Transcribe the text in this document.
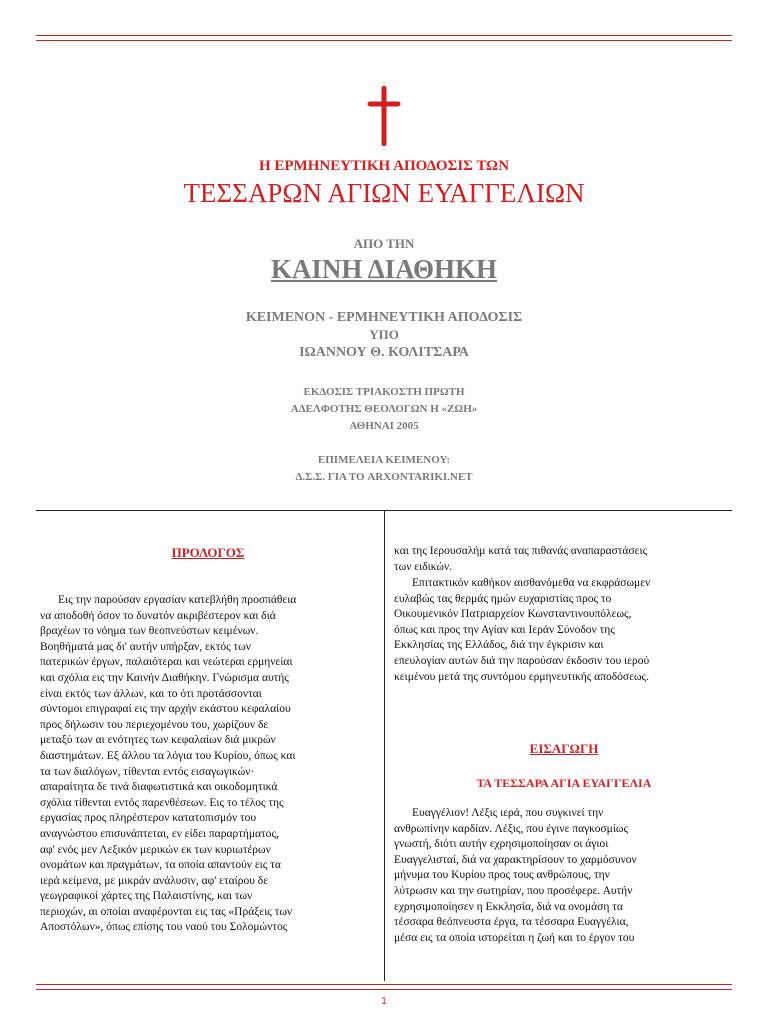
Η ΕΡΜΗΝΕΥΤΙΚΗ ΑΠΟΔΟΣΙΣ ΤΩΝ
ΤΕΣΣΑΡΩΝ ΑΓΙΩΝ ΕΥΑΓΓΕΛΙΩΝ
ΑΠΟ ΤΗΝ
ΚΑΙΝΗ ΔΙΑΘΗΚΗ
ΚΕΙΜΕΝΟΝ - ΕΡΜΗΝΕΥΤΙΚΗ ΑΠΟΔΟΣΙΣ
ΥΠΟ
ΙΩΑΝΝΟΥ Θ. ΚΟΛΙΤΣΑΡΑ
ΕΚΔΟΣΙΣ ΤΡΙΑΚΟΣΤΗ ΠΡΩΤΗ
ΑΔΕΛΦΟΤΗΣ ΘΕΟΛΟΓΩΝ Η «ΖΩΗ»
ΑΘΗΝΑΙ 2005
ΕΠΙΜΕΛΕΙΑ ΚΕΙΜΕΝΟΥ:
Δ.Σ.Σ. ΓΙΑ ΤΟ ARXONTARIKI.NET
ΠΡΟΛΟΓΟΣ
Εις την παρούσαν εργασίαν κατεβλήθη προσπάθεια
να αποδοθή όσον το δυνατόν ακριβέστερον και διά
βραχέων το νόημα των θεοπνεύστων κειμένων.
Βοηθήματά μας δι' αυτήν υπήρξαν, εκτός των
πατερικών έργων, παλαιότεραι και νεώτεραι ερμηνείαι
και σχόλια εις την Καινήν Διαθήκην. Γνώρισμα αυτής
είναι εκτός των άλλων, και το ότι προτάσσονται
σύντομοι επιγραφαί εις την αρχήν εκάστου κεφαλαίου
προς δήλωσιν του περιεχομένου του, χωρίζουν δε
μεταξύ των αι ενότητες των κεφαλαίων διά μικρών
διαστημάτων. Εξ άλλου τα λόγια του Κυρίου, όπως και
τα των διαλόγων, τίθενται εντός εισαγωγικών·
απαραίτητα δε τινά διαφωτιστικά και οικοδομητικά
σχόλια τίθενται εντός παρενθέσεων. Εις το τέλος της
εργασίας προς πληρέστερον κατατοπισμόν του
αναγνώστου επισυνάπτεται, εν είδει παραρτήματος,
αφ' ενός μεν Λεξικόν μερικών εκ των κυριωτέρων
ονομάτων και πραγμάτων, τα οποία απαντούν εις τα
ιερά κείμενα, με μικράν ανάλυσιν, αφ' εταίρου δε
γεωγραφικοί χάρτες της Παλαιστίνης, και των
περιοχών, αι οποίαι αναφέρονται εις τας «Πράξεις των
Αποστόλων», όπως επίσης του ναού του Σολομώντος
και της Ιερουσαλήμ κατά τας πιθανάς αναπαραστάσεις
των ειδικών.
Επιτακτικόν καθήκον αισθανόμεθα να εκφράσωμεν
ευλαβώς τας θερμάς ημών ευχαριστίας προς το
Οικουμενικόν Πατριαρχείον Κωνσταντινουπόλεως,
όπως και προς την Αγίαν και Ιεράν Σύνοδον της
Εκκλησίας της Ελλάδος, διά την έγκρισιν και
επευλογίαν αυτών διά την παρούσαν έκδοσιν του ιερού
κειμένου μετά της συντόμου ερμηνευτικής αποδόσεως.
ΕΙΣΑΓΩΓΗ
ΤΑ ΤΕΣΣΑΡΑ ΑΓΙΑ ΕΥΑΓΓΕΛΙΑ
Ευαγγέλιον! Λέξις ιερά, που συγκινεί την
ανθρωπίνην καρδίαν. Λέξις, που έγινε παγκοσμίως
γνωστή, διότι αυτήν εχρησιμοποίησαν οι άγιοι
Ευαγγελισταί, διά να χαρακτηρίσουν το χαρμόσυνον
μήνυμα του Κυρίου προς τους ανθρώπους, την
λύτρωσιν και την σωτηρίαν, που προσέφερε. Αυτήν
εχρησιμοποίησεν η Εκκλησία, διά να ονομάση τα
τέσσαρα θεόπνευστα έργα, τα τέσσαρα Ευαγγέλια,
μέσα εις τα οποία ιστορείται η ζωή και το έργον του
1
